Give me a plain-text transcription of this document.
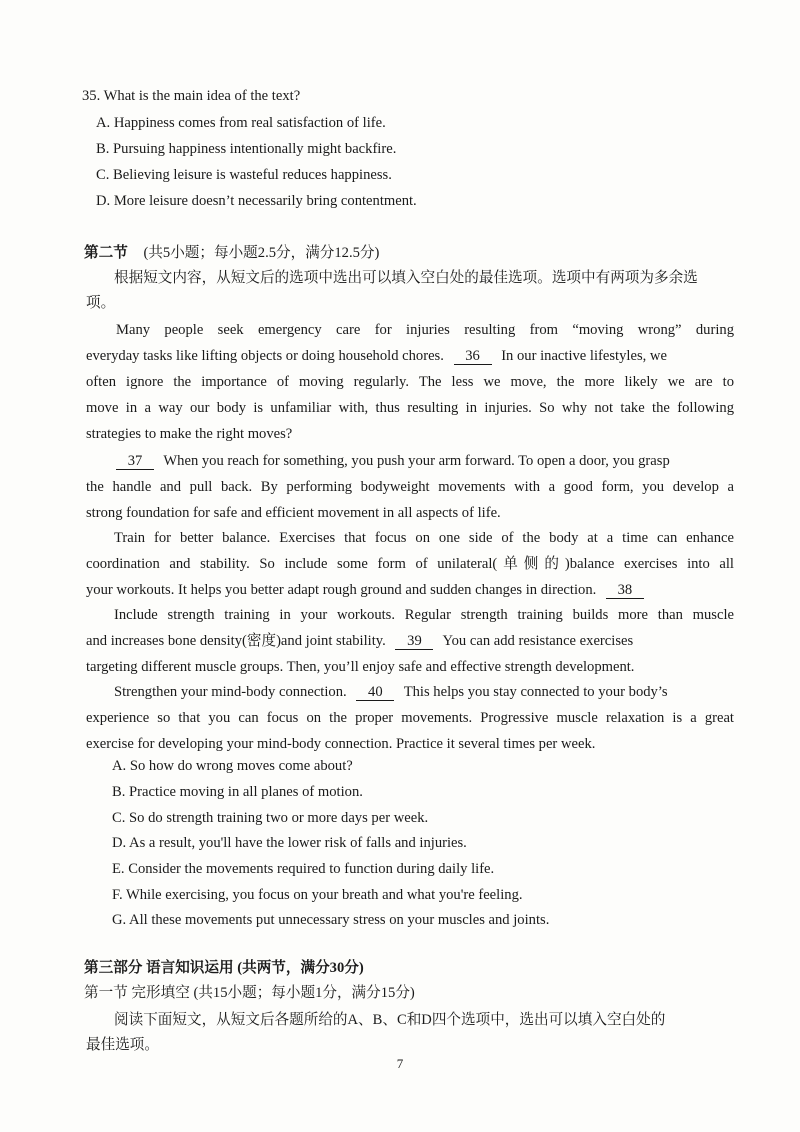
35. What is the main idea of the text?
A. Happiness comes from real satisfaction of life.
B. Pursuing happiness intentionally might backfire.
C. Believing leisure is wasteful reduces happiness.
D. More leisure doesn’t necessarily bring contentment.
第二节 (共5小题；每小题2.5分，满分12.5分)
根据短文内容，从短文后的选项中选出可以填入空白处的最佳选项。选项中有两项为多余选
项。
Many people seek emergency care for injuries resulting from “moving wrong” during
everyday tasks like lifting objects or doing household chores. 36 In our inactive lifestyles, we
often ignore the importance of moving regularly. The less we move, the more likely we are to
move in a way our body is unfamiliar with, thus resulting in injuries. So why not take the following
strategies to make the right moves?
37 When you reach for something, you push your arm forward. To open a door, you grasp
the handle and pull back. By performing bodyweight movements with a good form, you develop a
strong foundation for safe and efficient movement in all aspects of life.
Train for better balance. Exercises that focus on one side of the body at a time can enhance
coordination and stability. So include some form of unilateral(单侧的)balance exercises into all
your workouts. It helps you better adapt rough ground and sudden changes in direction. 38
Include strength training in your workouts. Regular strength training builds more than muscle
and increases bone density(密度)and joint stability. 39 You can add resistance exercises
targeting different muscle groups. Then, you’ll enjoy safe and effective strength development.
Strengthen your mind-body connection. 40 This helps you stay connected to your body’s
experience so that you can focus on the proper movements. Progressive muscle relaxation is a great
exercise for developing your mind-body connection. Practice it several times per week.
A. So how do wrong moves come about?
B. Practice moving in all planes of motion.
C. So do strength training two or more days per week.
D. As a result, you'll have the lower risk of falls and injuries.
E. Consider the movements required to function during daily life.
F. While exercising, you focus on your breath and what you're feeling.
G. All these movements put unnecessary stress on your muscles and joints.
第三部分 语言知识运用 (共两节，满分30分)
第一节 完形填空 (共15小题；每小题1分，满分15分)
阅读下面短文，从短文后各题所给的A、B、C和D四个选项中，选出可以填入空白处的
最佳选项。
7
